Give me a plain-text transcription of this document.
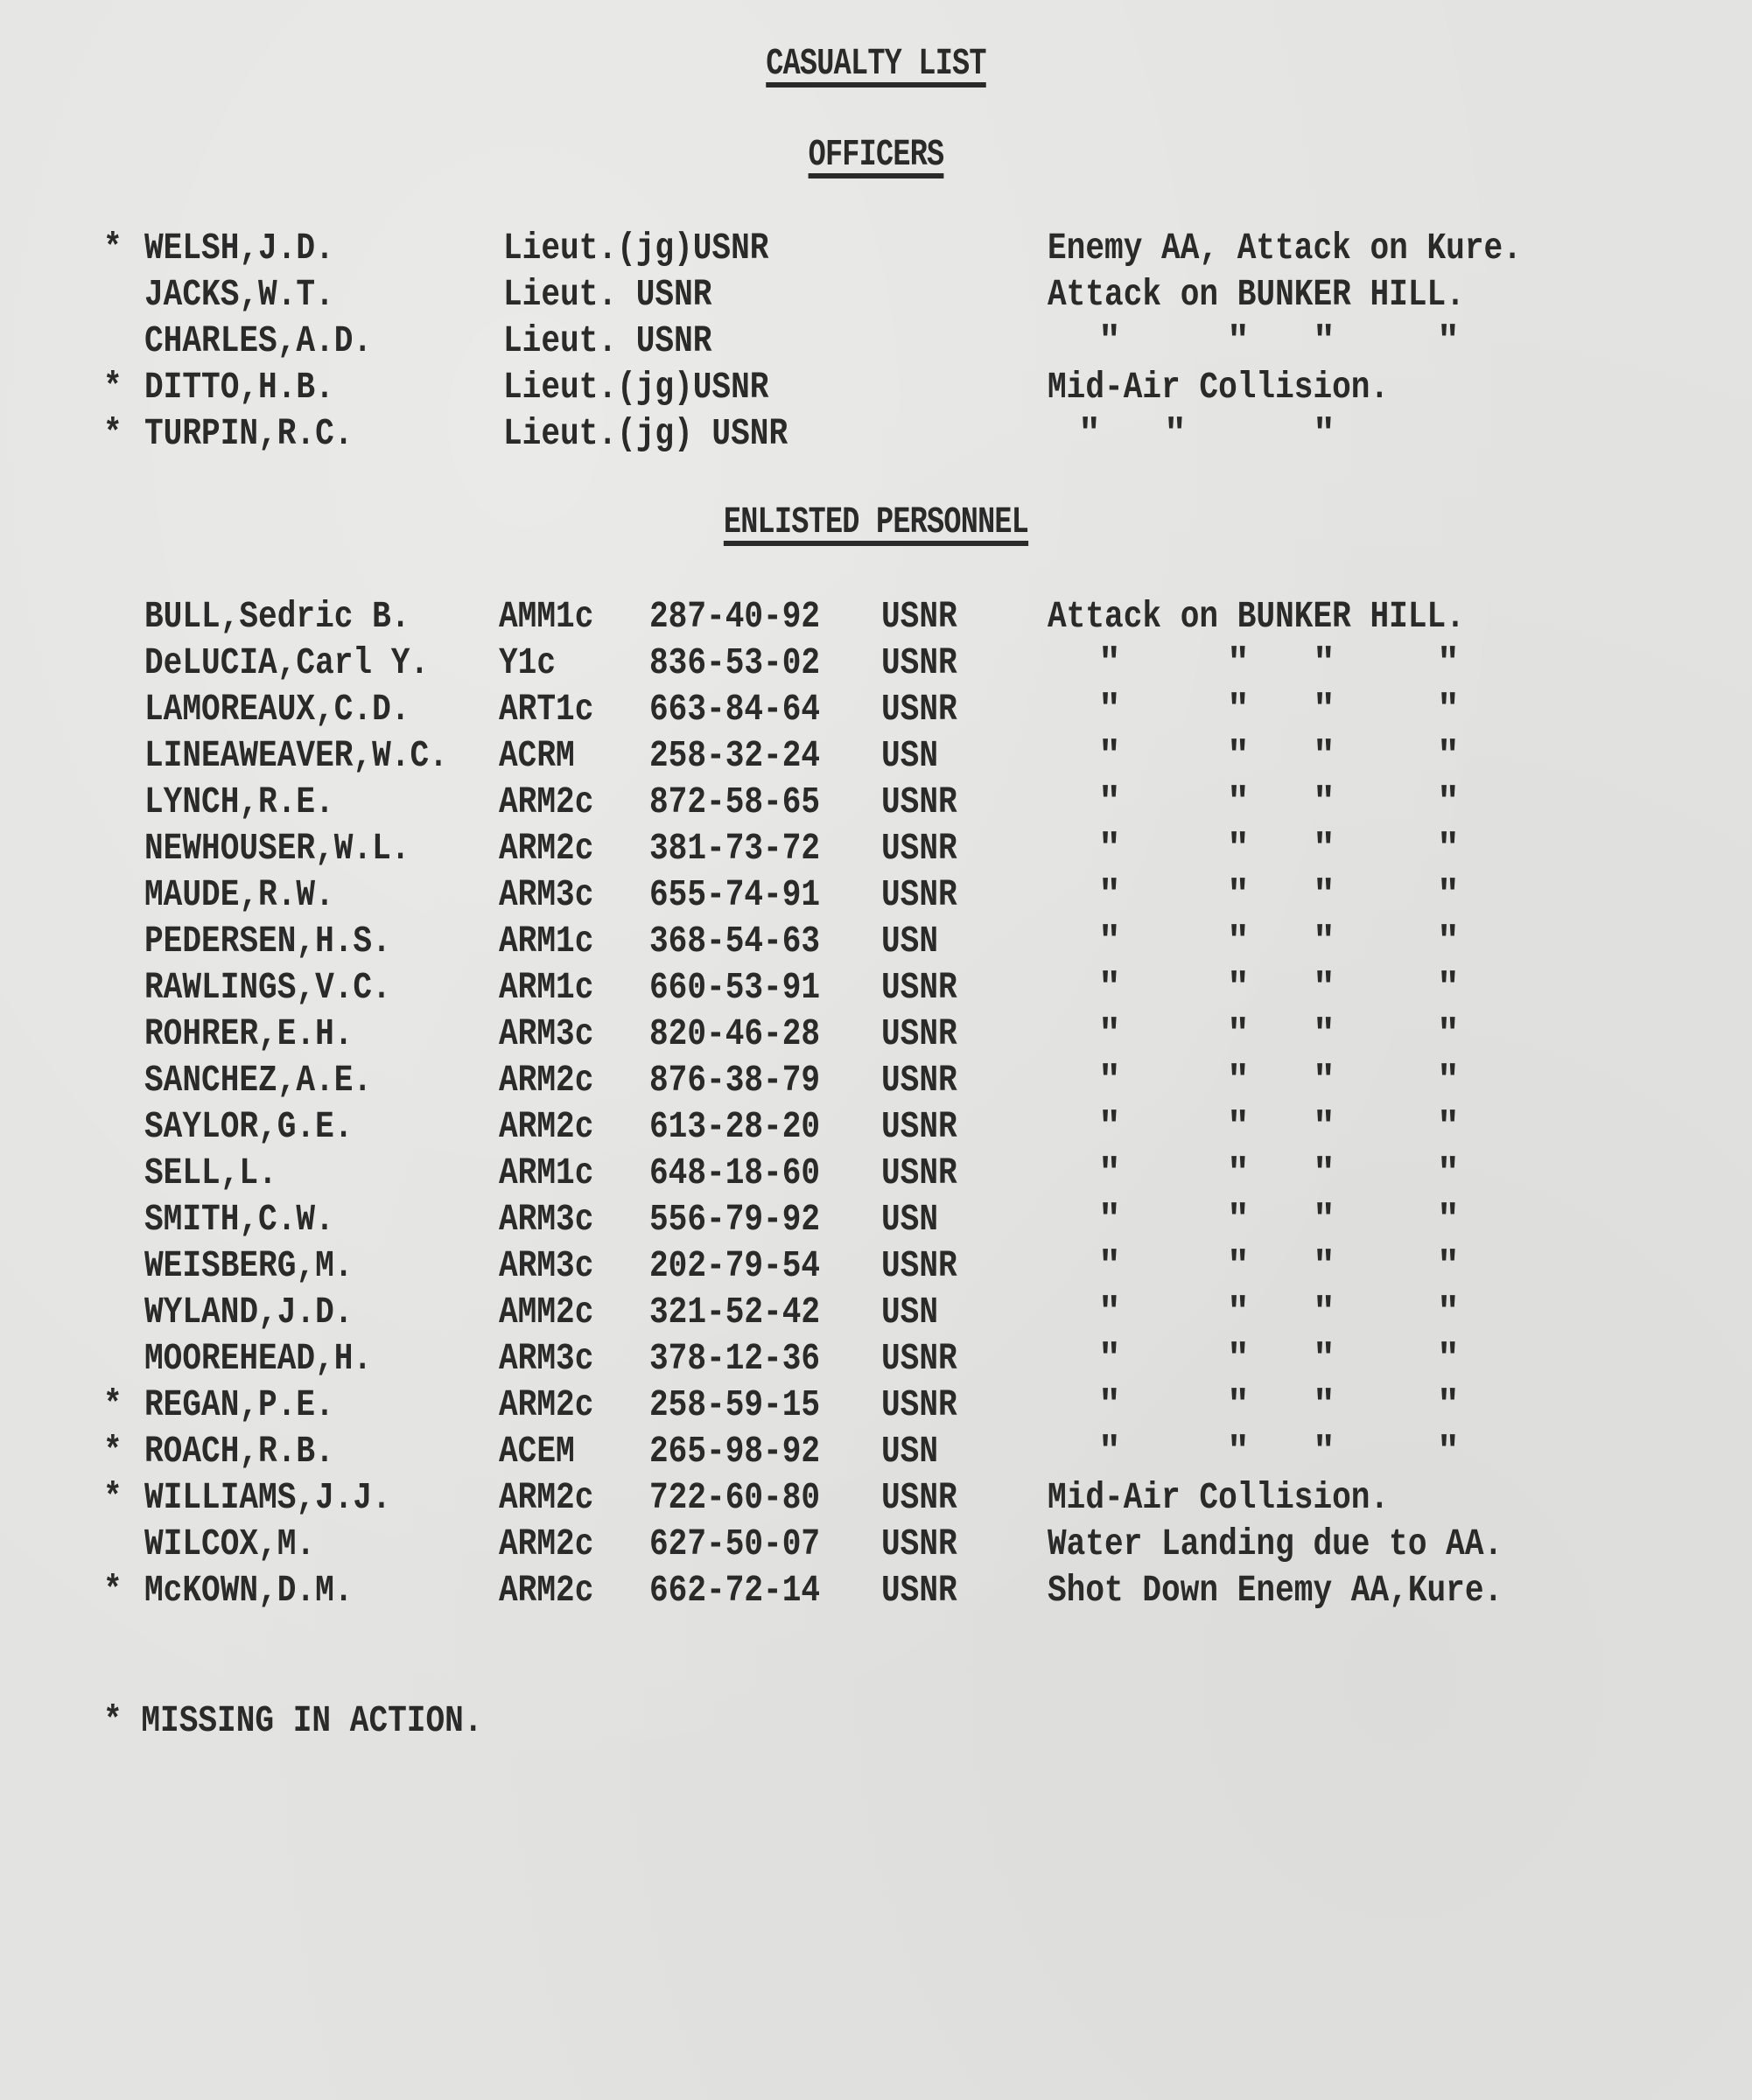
CASUALTY LIST
OFFICERS
* WELSH,J.D.	Lieut.(jg)USNR	Enemy AA, Attack on Kure.
JACKS,W.T.	Lieut. USNR	Attack on BUNKER HILL.
CHARLES,A.D.	Lieut. USNR	"	" "	"
* DITTO,H.B.	Lieut.(jg)USNR	Mid-Air Collision.
* TURPIN,R.C.	Lieut.(jg) USNR	" "	"
ENLISTED PERSONNEL
BULL,Sedric B. AMM1c 287-40-92 USNR Attack on BUNKER HILL.
DeLUCIA,Carl Y. Y1c 836-53-02 USNR	"	" "	"
LAMOREAUX,C.D. ART1c 663-84-64 USNR	"	" "	"
LINEAWEAVER,W.C. ACRM 258-32-24 USN	"	" "	"
LYNCH,R.E.	ARM2c 872-58-65 USNR	"	" "	"
NEWHOUSER,W.L. ARM2c 381-73-72 USNR	"	" "	"
MAUDE,R.W.	ARM3c 655-74-91 USNR	"	" "	"
PEDERSEN,H.S.	ARM1c 368-54-63 USN	"	" "	"
RAWLINGS,V.C.	ARM1c 660-53-91 USNR	"	" "	"
ROHRER,E.H.	ARM3c 820-46-28 USNR	"	" "	"
SANCHEZ,A.E.	ARM2c 876-38-79 USNR	"	" "	"
SAYLOR,G.E.	ARM2c 613-28-20 USNR	"	" "	"
SELL,L.	ARM1c 648-18-60 USNR	"	" "	"
SMITH,C.W.	ARM3c 556-79-92 USN	"	" "	"
WEISBERG,M.	ARM3c 202-79-54 USNR	"	" "	"
WYLAND,J.D.	AMM2c 321-52-42 USN	"	" "	"
MOOREHEAD,H.	ARM3c 378-12-36 USNR	"	" "	"
* REGAN,P.E.	ARM2c 258-59-15 USNR	"	" "	"
* ROACH,R.B.	ACEM 265-98-92 USN	"	" "	"
* WILLIAMS,J.J.	ARM2c 722-60-80 USNR Mid-Air Collision.
WILCOX,M.	ARM2c 627-50-07 USNR Water Landing due to AA.
* McKOWN,D.M.	ARM2c 662-72-14 USNR Shot Down Enemy AA,Kure.
* MISSING IN ACTION.
